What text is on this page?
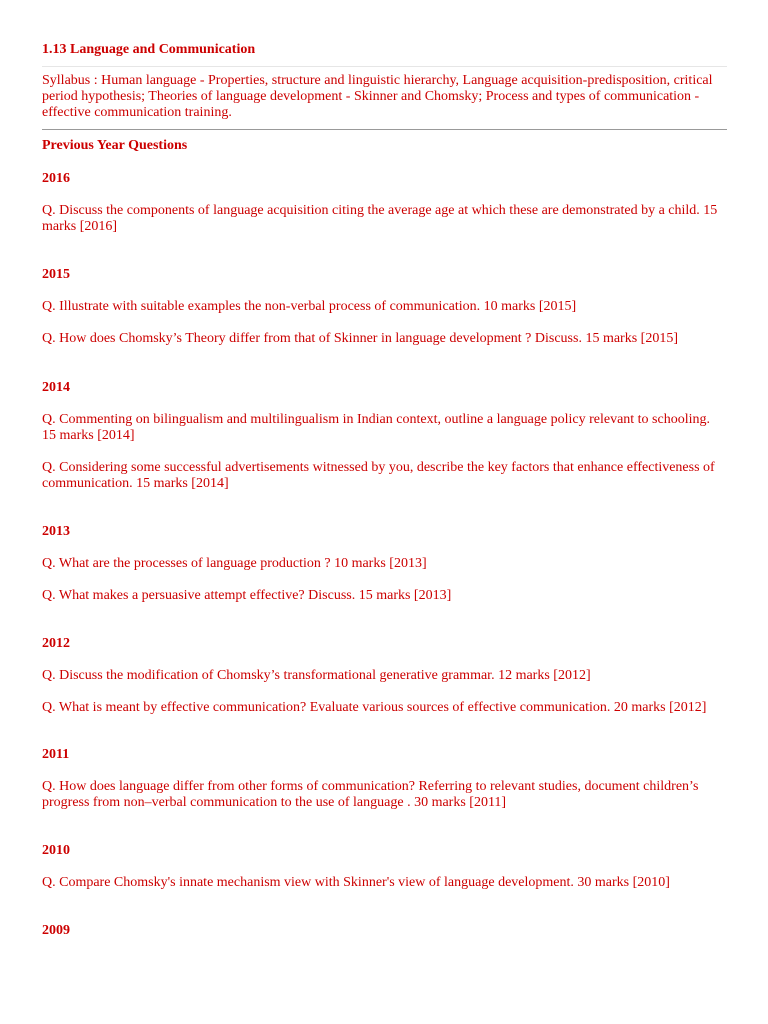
1.13 Language and Communication

Syllabus : Human language - Properties, structure and linguistic hierarchy, Language acquisition-predisposition, critical period hypothesis; Theories of language development - Skinner and Chomsky; Process and types of communication - effective communication training.

Previous Year Questions
2016

Q. Discuss the components of language acquisition citing the average age at which these are demonstrated by a child. 15 marks [2016]

2015

Q. Illustrate with suitable examples the non-verbal process of communication. 10 marks [2015]

Q. How does Chomsky’s Theory differ from that of Skinner in language development ? Discuss. 15 marks [2015]

2014

Q. Commenting on bilingualism and multilingualism in Indian context, outline a language policy relevant to schooling. 15 marks [2014]

Q. Considering some successful advertisements witnessed by you, describe the key factors that enhance effectiveness of communication. 15 marks [2014]

2013

Q. What are the processes of language production ? 10 marks [2013]

Q. What makes a persuasive attempt effective? Discuss. 15 marks [2013]

2012

Q. Discuss the modification of Chomsky’s transformational generative grammar. 12 marks [2012]

Q. What is meant by effective communication? Evaluate various sources of effective communication. 20 marks [2012]

2011

Q. How does language differ from other forms of communication? Referring to relevant studies, document children’s progress from non–verbal communication to the use of language . 30 marks [2011]

2010

Q. Compare Chomsky's innate mechanism view with Skinner's view of language development. 30 marks [2010]

2009
